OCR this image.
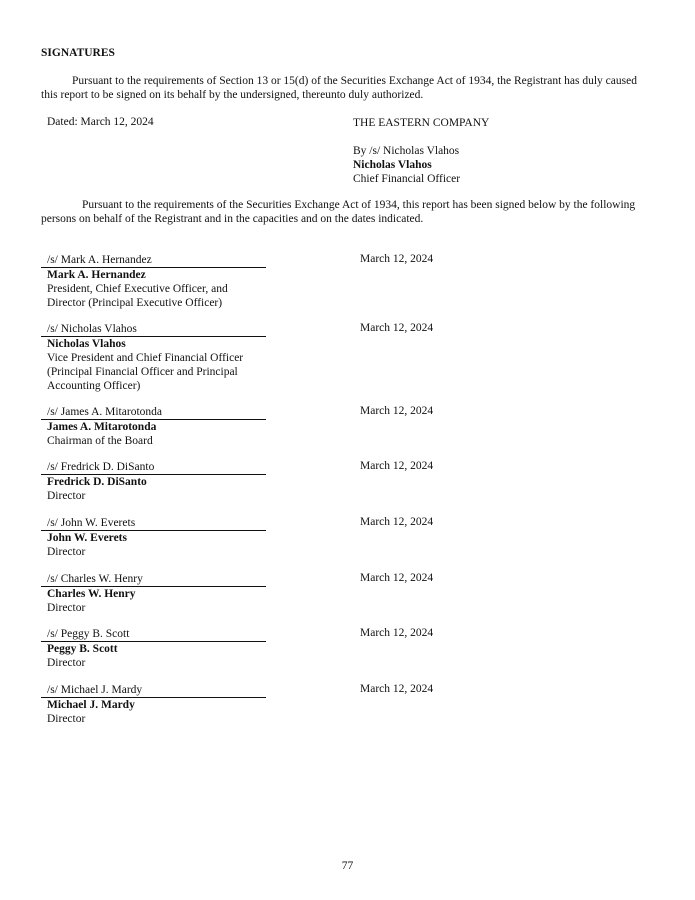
SIGNATURES
Pursuant to the requirements of Section 13 or 15(d) of the Securities Exchange Act of 1934, the Registrant has duly caused
this report to be signed on its behalf by the undersigned, thereunto duly authorized.
Dated: March 12, 2024	THE EASTERN COMPANY
By /s/ Nicholas Vlahos
Nicholas Vlahos
Chief Financial Officer
Pursuant to the requirements of the Securities Exchange Act of 1934, this report has been signed below by the following
persons on behalf of the Registrant and in the capacities and on the dates indicated.
/s/ Mark A. Hernandez
Mark A. Hernandez
President, Chief Executive Officer, and
Director (Principal Executive Officer)
March 12, 2024
/s/ Nicholas Vlahos
Nicholas Vlahos
Vice President and Chief Financial Officer
(Principal Financial Officer and Principal
Accounting Officer)
March 12, 2024
/s/ James A. Mitarotonda
James A. Mitarotonda
Chairman of the Board
March 12, 2024
/s/ Fredrick D. DiSanto
Fredrick D. DiSanto
Director
March 12, 2024
/s/ John W. Everets
John W. Everets
Director
March 12, 2024
/s/ Charles W. Henry
Charles W. Henry
Director
March 12, 2024
/s/ Peggy B. Scott
Peggy B. Scott
Director
March 12, 2024
/s/ Michael J. Mardy
Michael J. Mardy
Director
March 12, 2024
77
